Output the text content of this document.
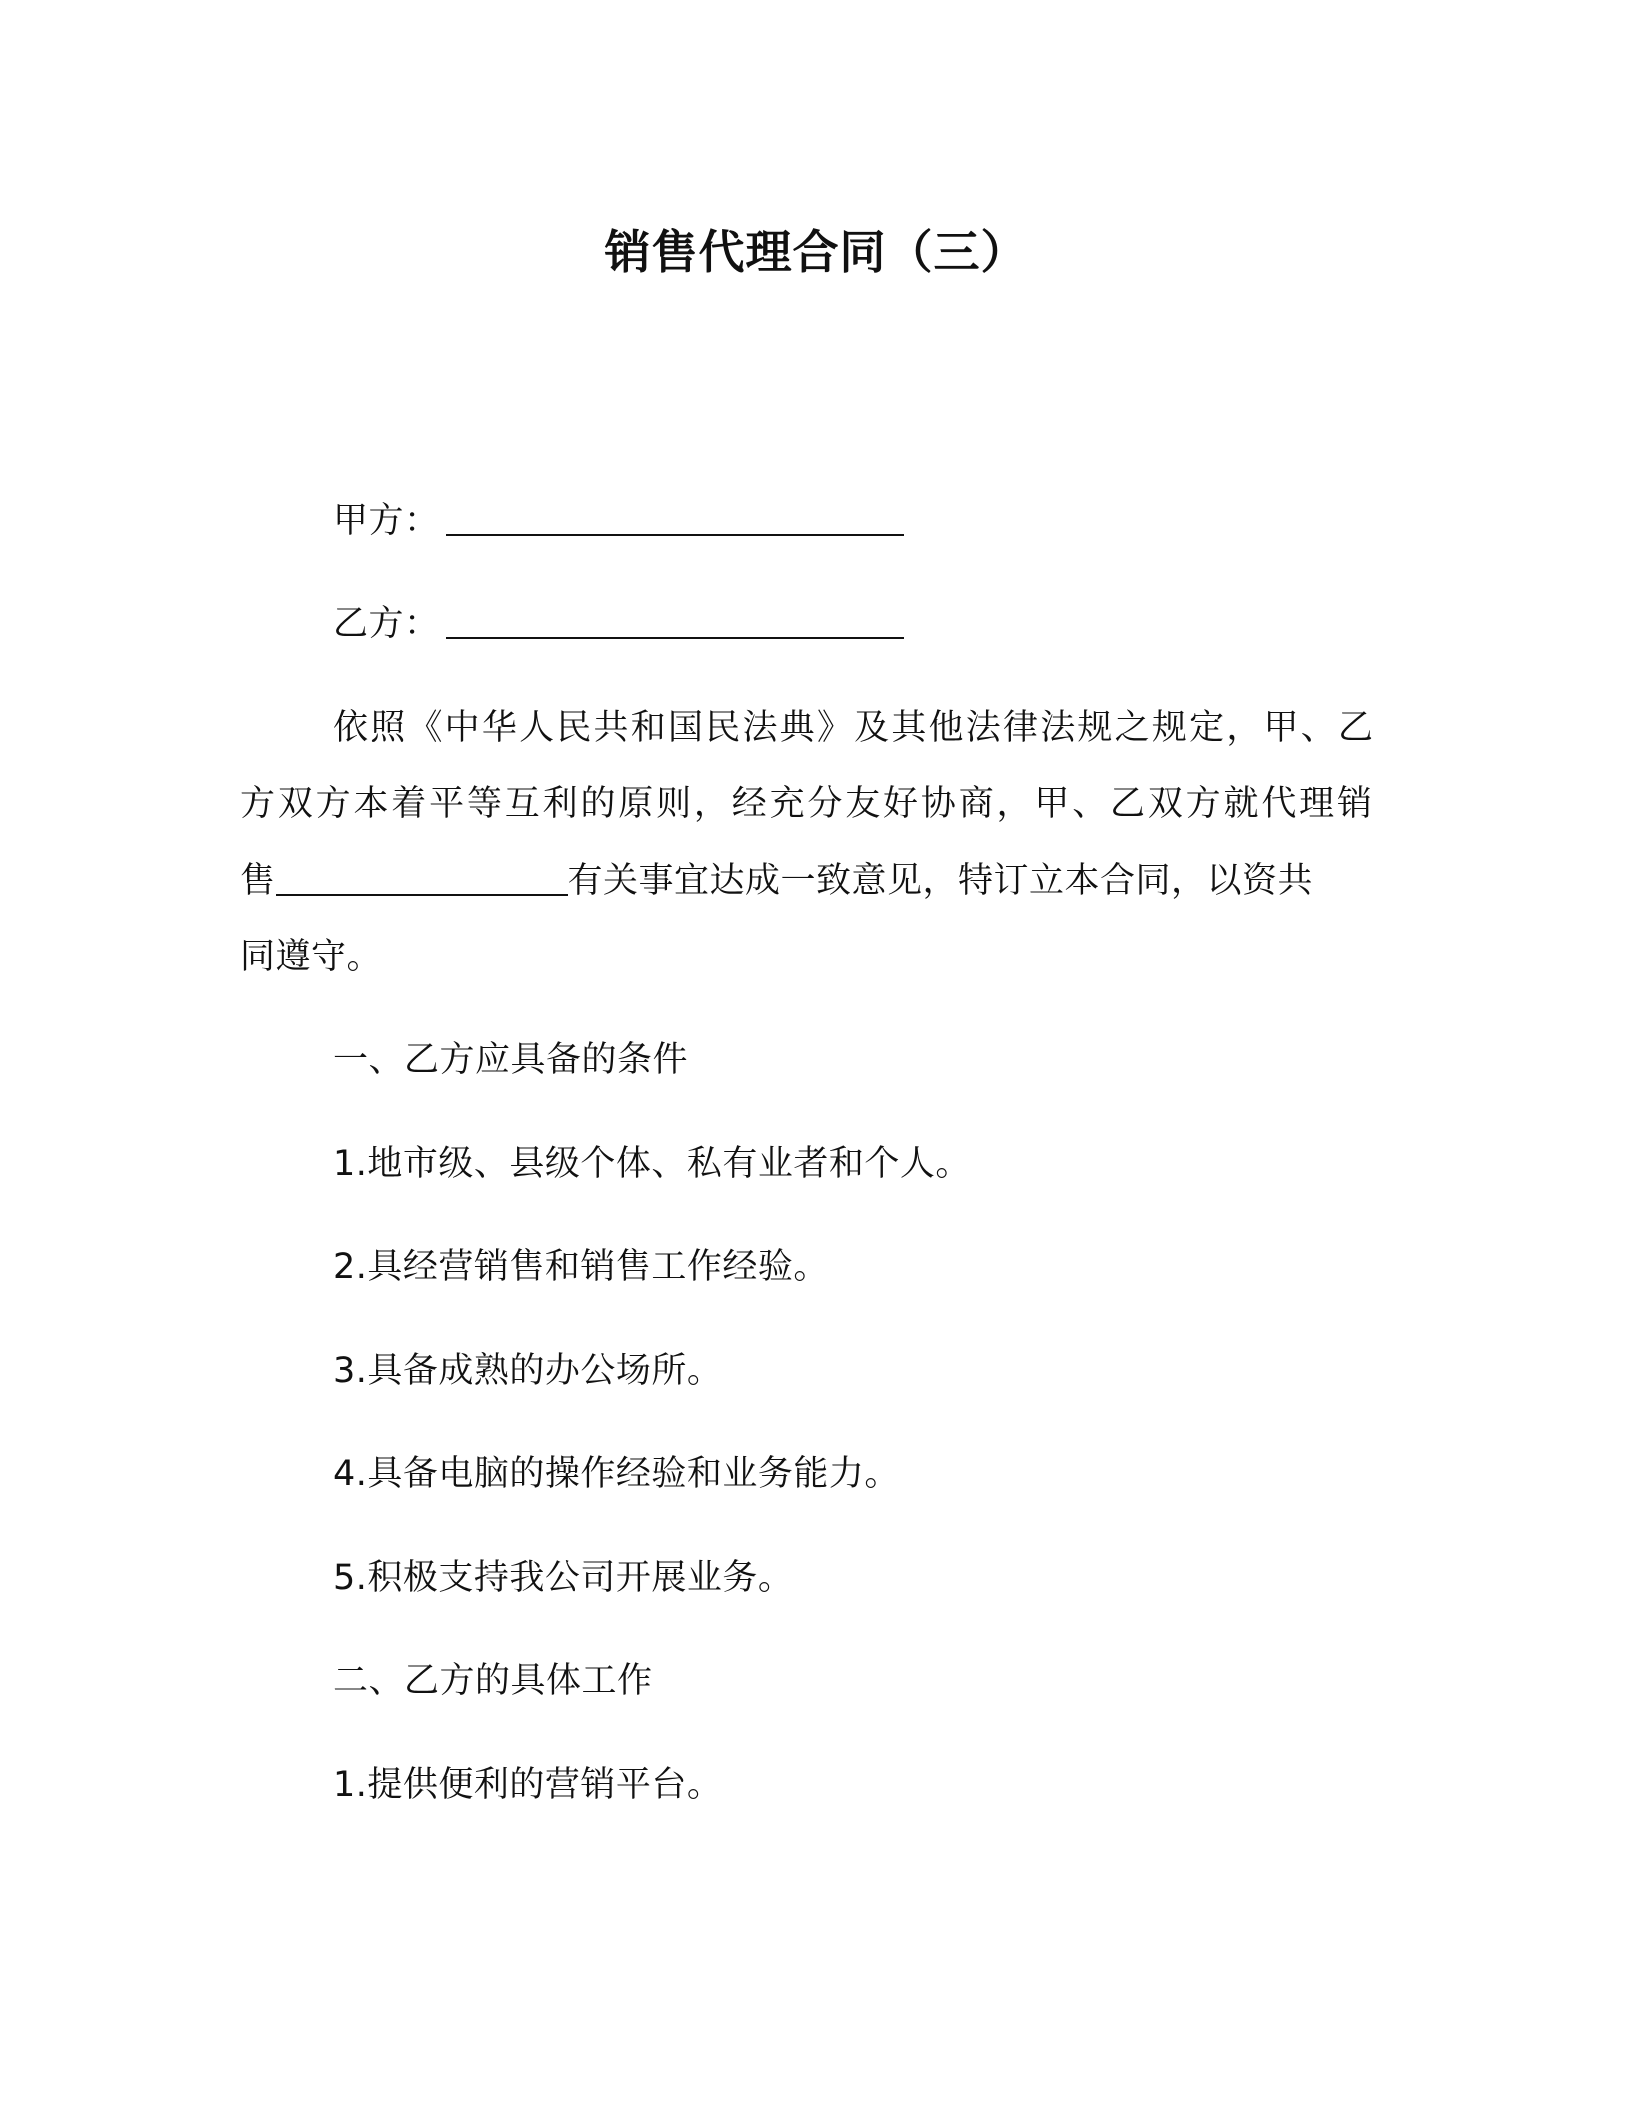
销售代理合同（三）
甲方：
乙方：
依照《中华人民共和国民法典》及其他法律法规之规定，甲、乙
方双方本着平等互利的原则，经充分友好协商，甲、乙双方就代理销
售	有关事宜达成一致意见，特订立本合同，以资共
同遵守。
一、乙方应具备的条件
1.地市级、县级个体、私有业者和个人。
2.具经营销售和销售工作经验。
3.具备成熟的办公场所。
4.具备电脑的操作经验和业务能力。
5.积极支持我公司开展业务。
二、乙方的具体工作
1.提供便利的营销平台。
